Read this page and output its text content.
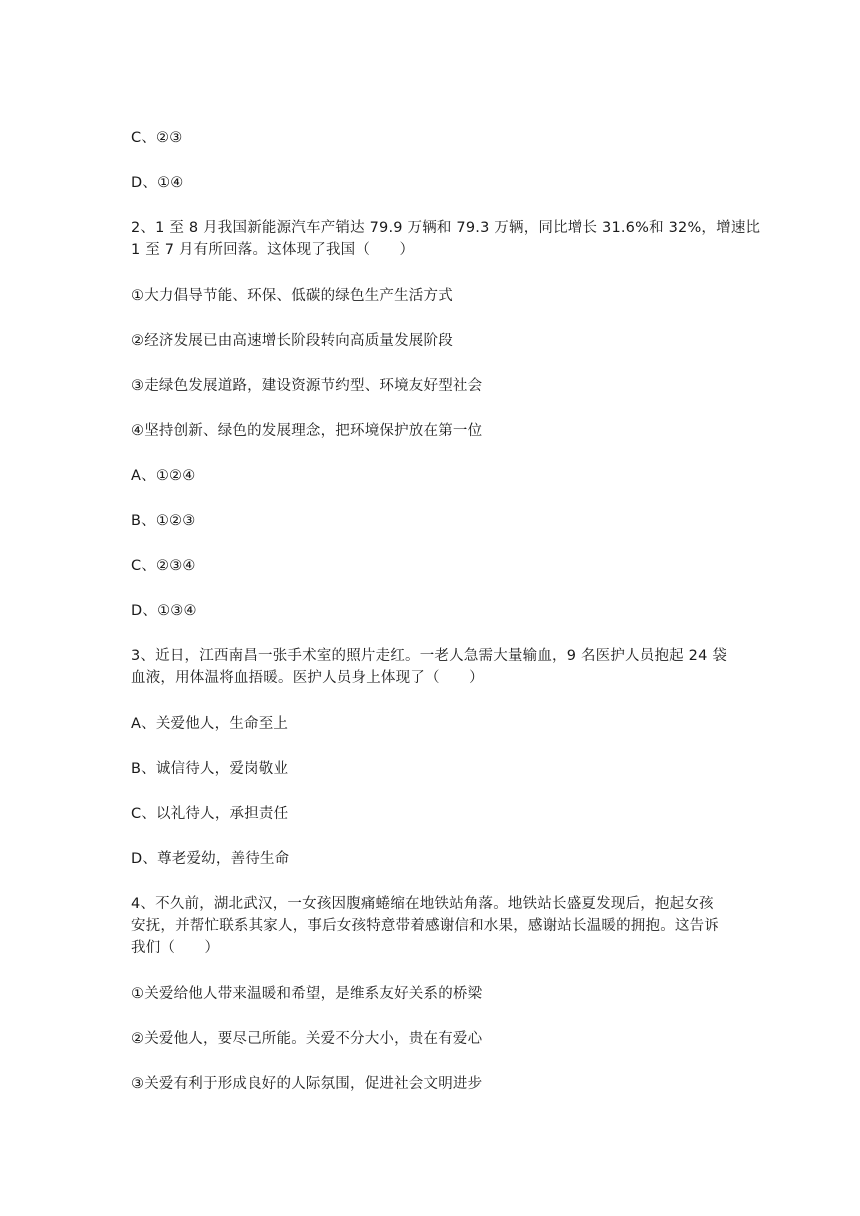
C、②③
D、①④
2、1 至 8 月我国新能源汽车产销达 79.9 万辆和 79.3 万辆，同比增长 31.6%和 32%，增速比
1 至 7 月有所回落。这体现了我国（　　）
①大力倡导节能、环保、低碳的绿色生产生活方式
②经济发展已由高速增长阶段转向高质量发展阶段
③走绿色发展道路，建设资源节约型、环境友好型社会
④坚持创新、绿色的发展理念，把环境保护放在第一位
A、①②④
B、①②③
C、②③④
D、①③④
3、近日，江西南昌一张手术室的照片走红。一老人急需大量输血，9 名医护人员抱起 24 袋
血液，用体温将血捂暖。医护人员身上体现了（　　）
A、关爱他人，生命至上
B、诚信待人，爱岗敬业
C、以礼待人，承担责任
D、尊老爱幼，善待生命
4、不久前，湖北武汉，一女孩因腹痛蜷缩在地铁站角落。地铁站长盛夏发现后，抱起女孩
安抚，并帮忙联系其家人，事后女孩特意带着感谢信和水果，感谢站长温暖的拥抱。这告诉
我们（　　）
①关爱给他人带来温暖和希望，是维系友好关系的桥梁
②关爱他人，要尽己所能。关爱不分大小，贵在有爱心
③关爱有利于形成良好的人际氛围，促进社会文明进步
